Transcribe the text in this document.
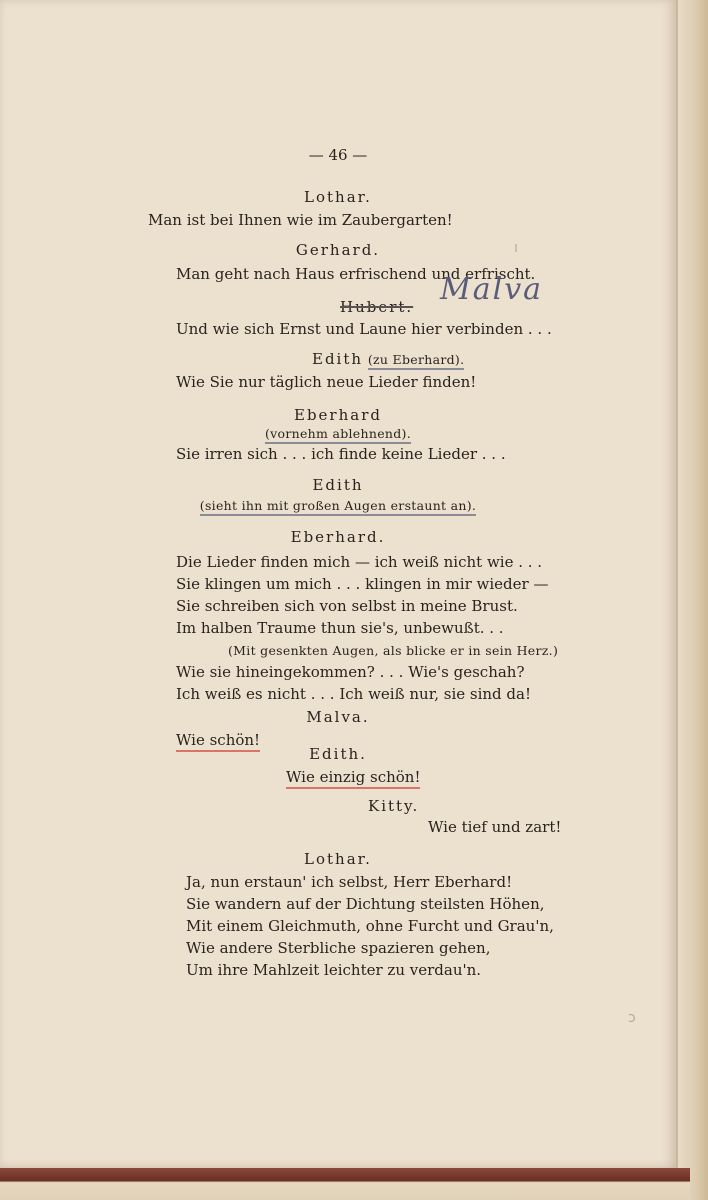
— 46 —
Lothar.
Man ist bei Ihnen wie im Zaubergarten!
Gerhard.
Man geht nach Haus erfrischend und erfrischt.
Hubert. Malva
Und wie sich Ernst und Laune hier verbinden . . .
Edith (zu Eberhard).
Wie Sie nur täglich neue Lieder finden!
Eberhard
(vornehm ablehnend).
Sie irren sich . . . ich finde keine Lieder . . .
Edith
(sieht ihn mit großen Augen erstaunt an).
Eberhard.
Die Lieder finden mich — ich weiß nicht wie . . .
Sie klingen um mich . . . klingen in mir wieder —
Sie schreiben sich von selbst in meine Brust.
Im halben Traume thun sie's, unbewußt. . .
(Mit gesenkten Augen, als blicke er in sein Herz.)
Wie sie hineingekommen? . . . Wie's geschah?
Ich weiß es nicht . . . Ich weiß nur, sie sind da!
Malva.
Wie schön!
Edith.
Wie einzig schön!
Kitty.
Wie tief und zart!
Lothar.
Ja, nun erstaun' ich selbst, Herr Eberhard!
Sie wandern auf der Dichtung steilsten Höhen,
Mit einem Gleichmuth, ohne Furcht und Grau'n,
Wie andere Sterbliche spazieren gehen,
Um ihre Mahlzeit leichter zu verdau'n.
ı
ɔ
